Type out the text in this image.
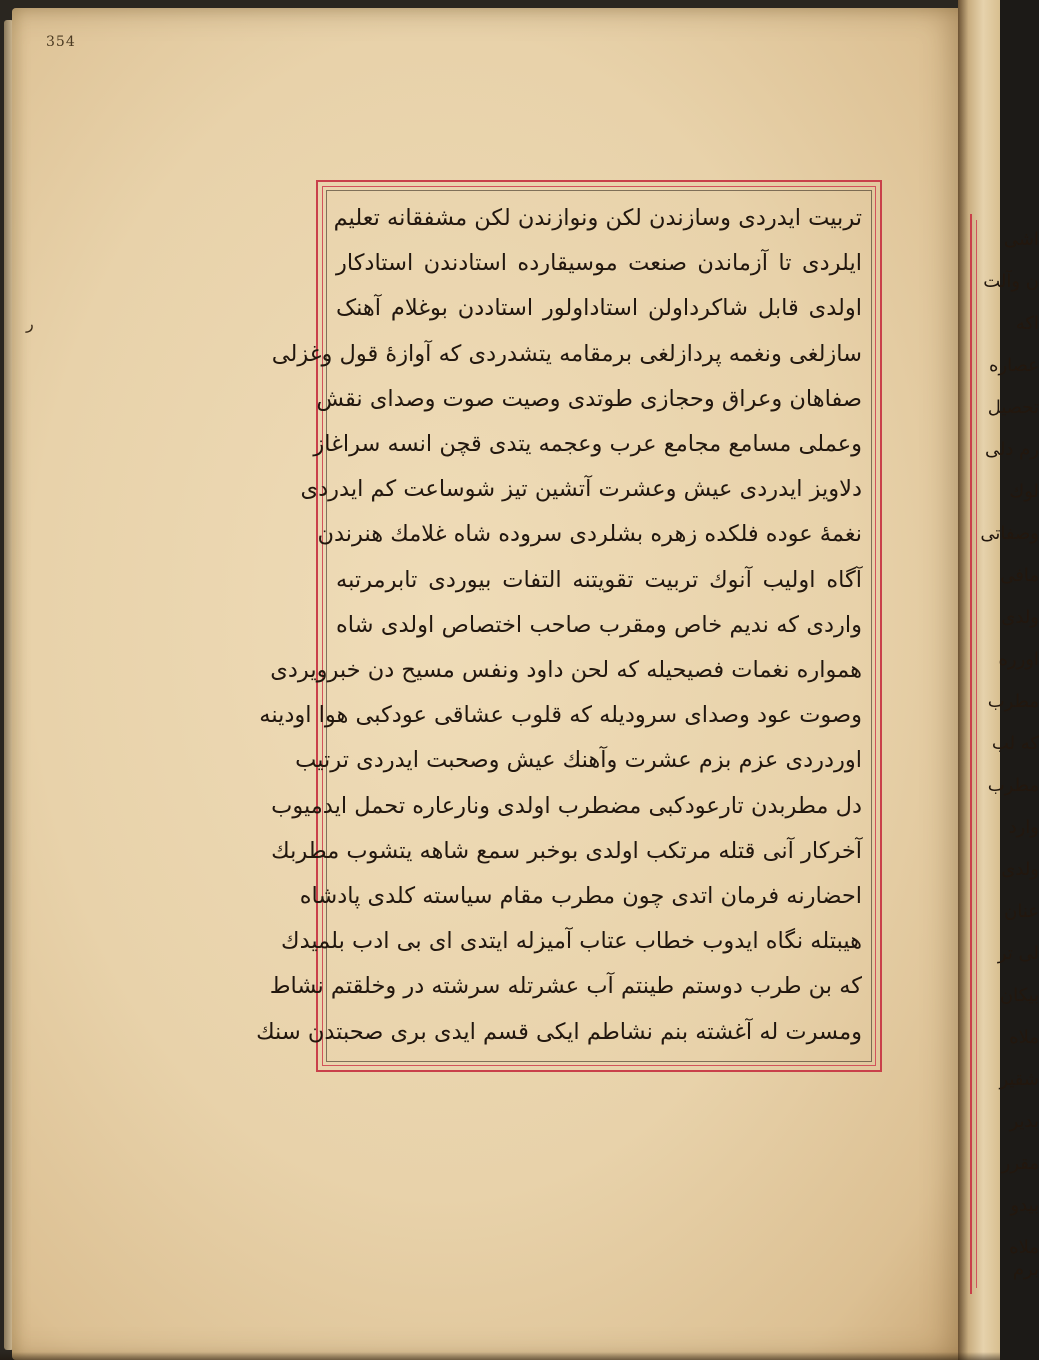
354
ر
تربیت ایدردی وسازندن لکن ونوازندن لکن مشفقانه تعلیم
ایلردی تا آزماندن صنعت موسیقارده استادندن استادکار
اولدی قابل شاکرداولن استاداولور استاددن بوغلام آهنک
سازلغی ونغمه پردازلغی برمقامه یتشدردی که آوازهٔ قول وغزلی
صفاهان وعراق وحجازی طوتدی وصیت صوت وصدای نقش
وعملی مسامع مجامع عرب وعجمه یتدی قچن انسه سراغاز
دلاویز ایدردی عیش وعشرت آتشین تیز شوساعت کم ایدردی
نغمهٔ عوده فلکده زهره بشلردی سروده شاه غلامك هنرندن
آگاه اولیب آنوك تربیت تقویتنه التفات بیوردی تابرمرتبه
واردی که ندیم خاص ومقرب صاحب اختصاص اولدی شاه
همواره نغمات فصیحیله که لحن داود ونفس مسیح دن خبرویردی
وصوت عود وصدای سرودیله که قلوب عشاقی عودکبی هوا اودینه
اوردردی عزم بزم عشرت وآهنك عیش وصحبت ایدردی ترتیب
دل مطربدن تارعودکبی مضطرب اولدی ونارعاره تحمل ایدمیوب
آخرکار آنی قتله مرتکب اولدی بوخبر سمع شاهه یتشوب مطربك
احضارنه فرمان اتدی چون مطرب مقام سیاسته کلدی پادشاه
هیبتله نگاه ایدوب خطاب عتاب آمیزله ایتدی ای بی ادب بلمیدك
که بن طرب دوستم طینتم آب عشرتله سرشته در وخلقتم نشاط
ومسرت له آغشته بنم نشاطم ایکی قسم ایدی بری صحبتدن سنك
اشی
ن وآلت
اکه
عصاره
تحصیل
رم دلی
لوك
وصفاتی
مافی
ولدی
اورره
مطرب
که لب
مطرب
وارد
ولدی
عنان
لی تر
بیکان
ملاه
شقیر
بدیر
مقرر
بیدو
ملاه
برم
